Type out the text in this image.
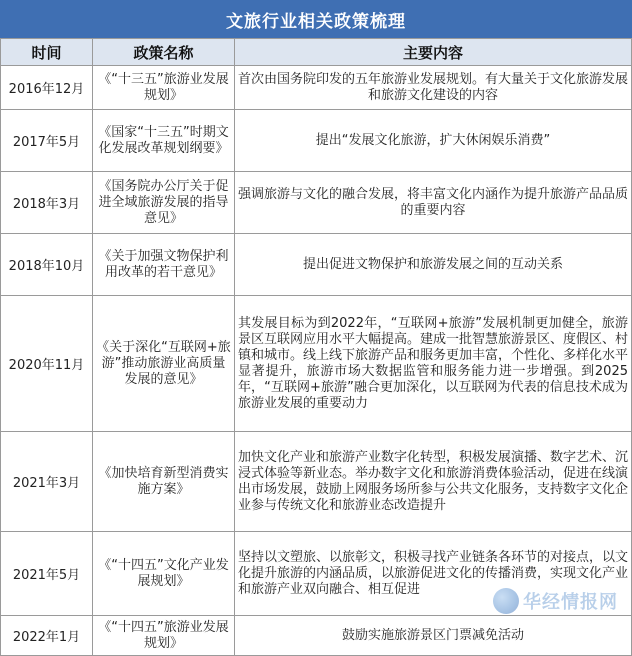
文旅行业相关政策梳理
时间	政策名称	主要内容
2016年12月	《“十三五”旅游业发展规划》	首次由国务院印发的五年旅游业发展规划。有大量关于文化旅游发展和旅游文化建设的内容
2017年5月	《国家“十三五”时期文化发展改革规划纲要》	提出“发展文化旅游，扩大休闲娱乐消费”
2018年3月	《国务院办公厅关于促进全域旅游发展的指导意见》	强调旅游与文化的融合发展，将丰富文化内涵作为提升旅游产品品质的重要内容
2018年10月	《关于加强文物保护利用改革的若干意见》	提出促进文物保护和旅游发展之间的互动关系
2020年11月	《关于深化“互联网+旅游”推动旅游业高质量发展的意见》	其发展目标为到2022年，“互联网+旅游”发展机制更加健全，旅游景区互联网应用水平大幅提高。建成一批智慧旅游景区、度假区、村镇和城市。线上线下旅游产品和服务更加丰富，个性化、多样化水平显著提升，旅游市场大数据监管和服务能力进一步增强。到2025年，“互联网+旅游”融合更加深化，以互联网为代表的信息技术成为旅游业发展的重要动力
2021年3月	《加快培育新型消费实施方案》	加快文化产业和旅游产业数字化转型，积极发展演播、数字艺术、沉浸式体验等新业态。举办数字文化和旅游消费体验活动，促进在线演出市场发展，鼓励上网服务场所参与公共文化服务，支持数字文化企业参与传统文化和旅游业态改造提升
2021年5月	《“十四五”文化产业发展规划》	坚持以文塑旅、以旅彰文，积极寻找产业链条各环节的对接点，以文化提升旅游的内涵品质，以旅游促进文化的传播消费，实现文化产业和旅游产业双向融合、相互促进
2022年1月	《“十四五”旅游业发展规划》	鼓励实施旅游景区门票减免活动
华经情报网
